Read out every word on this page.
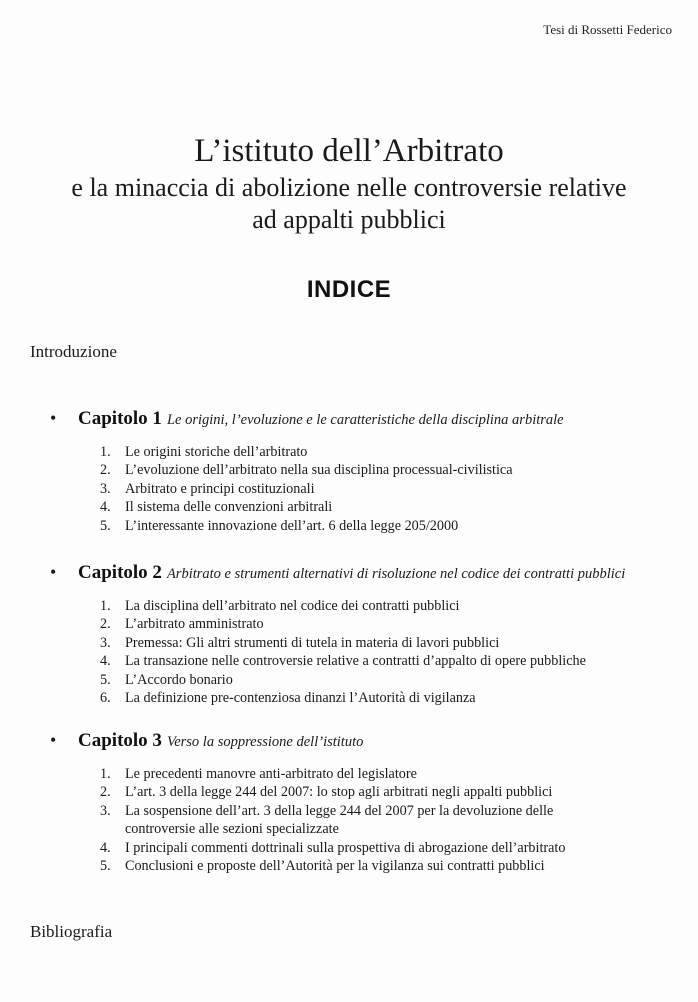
Tesi di Rossetti Federico
L’istituto dell’Arbitrato
e la minaccia di abolizione nelle controversie relative
ad appalti pubblici
INDICE
Introduzione
•	Capitolo 1 Le origini, l’evoluzione e le caratteristiche della disciplina arbitrale
1.	Le origini storiche dell’arbitrato
2.	L’evoluzione dell’arbitrato nella sua disciplina processual-civilistica
3.	Arbitrato e principi costituzionali
4.	Il sistema delle convenzioni arbitrali
5.	L’interessante innovazione dell’art. 6 della legge 205/2000
•	Capitolo 2 Arbitrato e strumenti alternativi di risoluzione nel codice dei contratti pubblici
1.	La disciplina dell’arbitrato nel codice dei contratti pubblici
2.	L’arbitrato amministrato
3.	Premessa: Gli altri strumenti di tutela in materia di lavori pubblici
4.	La transazione nelle controversie relative a contratti d’appalto di opere pubbliche
5.	L’Accordo bonario
6.	La definizione pre-contenziosa dinanzi l’Autorità di vigilanza
•	Capitolo 3 Verso la soppressione dell’istituto
1.	Le precedenti manovre anti-arbitrato del legislatore
2.	L’art. 3 della legge 244 del 2007: lo stop agli arbitrati negli appalti pubblici
3.	La sospensione dell’art. 3 della legge 244 del 2007 per la devoluzione delle controversie alle sezioni specializzate
4.	I principali commenti dottrinali sulla prospettiva di abrogazione dell’arbitrato
5.	Conclusioni e proposte dell’Autorità per la vigilanza sui contratti pubblici
Bibliografia
